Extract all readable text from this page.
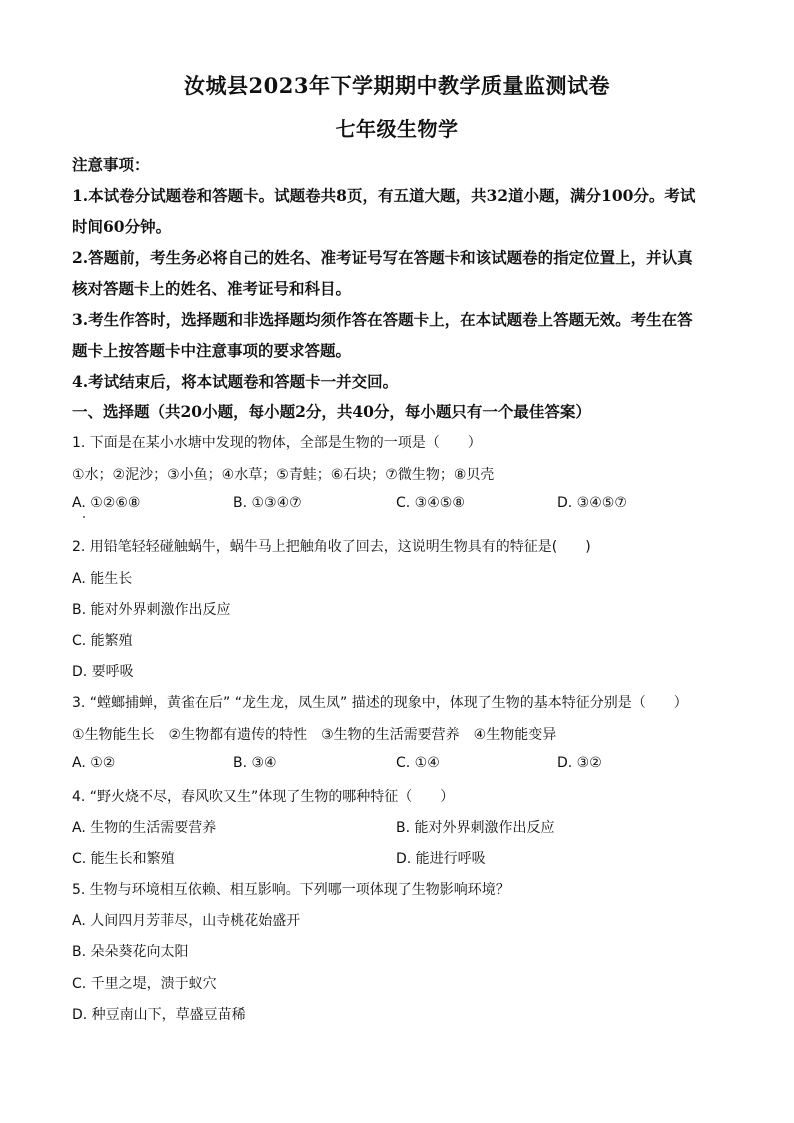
汝城县2023年下学期期中教学质量监测试卷
七年级生物学
注意事项：
1.本试卷分试题卷和答题卡。试题卷共8页，有五道大题，共32道小题，满分100分。考试
时间60分钟。
2.答题前，考生务必将自己的姓名、准考证号写在答题卡和该试题卷的指定位置上，并认真
核对答题卡上的姓名、准考证号和科目。
3.考生作答时，选择题和非选择题均须作答在答题卡上，在本试题卷上答题无效。考生在答
题卡上按答题卡中注意事项的要求答题。
4.考试结束后，将本试题卷和答题卡一并交回。
一、选择题（共20小题，每小题2分，共40分，每小题只有一个最佳答案）
1. 下面是在某小水塘中发现的物体，全部是生物的一项是（　　）
①水；②泥沙；③小鱼；④水草；⑤青蛙；⑥石块；⑦微生物；⑧贝壳
A. ①②⑥⑧	B. ①③④⑦	C. ③④⑤⑧	D. ③④⑤⑦
2. 用铅笔轻轻碰触蜗牛，蜗牛马上把触角收了回去，这说明生物具有的特征是(　　)
A. 能生长
B. 能对外界刺激作出反应
C. 能繁殖
D. 要呼吸
3. “螳螂捕蝉，黄雀在后” “龙生龙，凤生凤” 描述的现象中，体现了生物的基本特征分别是（　　）
①生物能生长　②生物都有遗传的特性　③生物的生活需要营养　④生物能变异
A. ①②	B. ③④	C. ①④	D. ③②
4. “野火烧不尽，春风吹又生”体现了生物的哪种特征（　　）
A. 生物的生活需要营养	B. 能对外界刺激作出反应
C. 能生长和繁殖	D. 能进行呼吸
5. 生物与环境相互依赖、相互影响。下列哪一项体现了生物影响环境？
A. 人间四月芳菲尽，山寺桃花始盛开
B. 朵朵葵花向太阳
C. 千里之堤，溃于蚁穴
D. 种豆南山下，草盛豆苗稀
